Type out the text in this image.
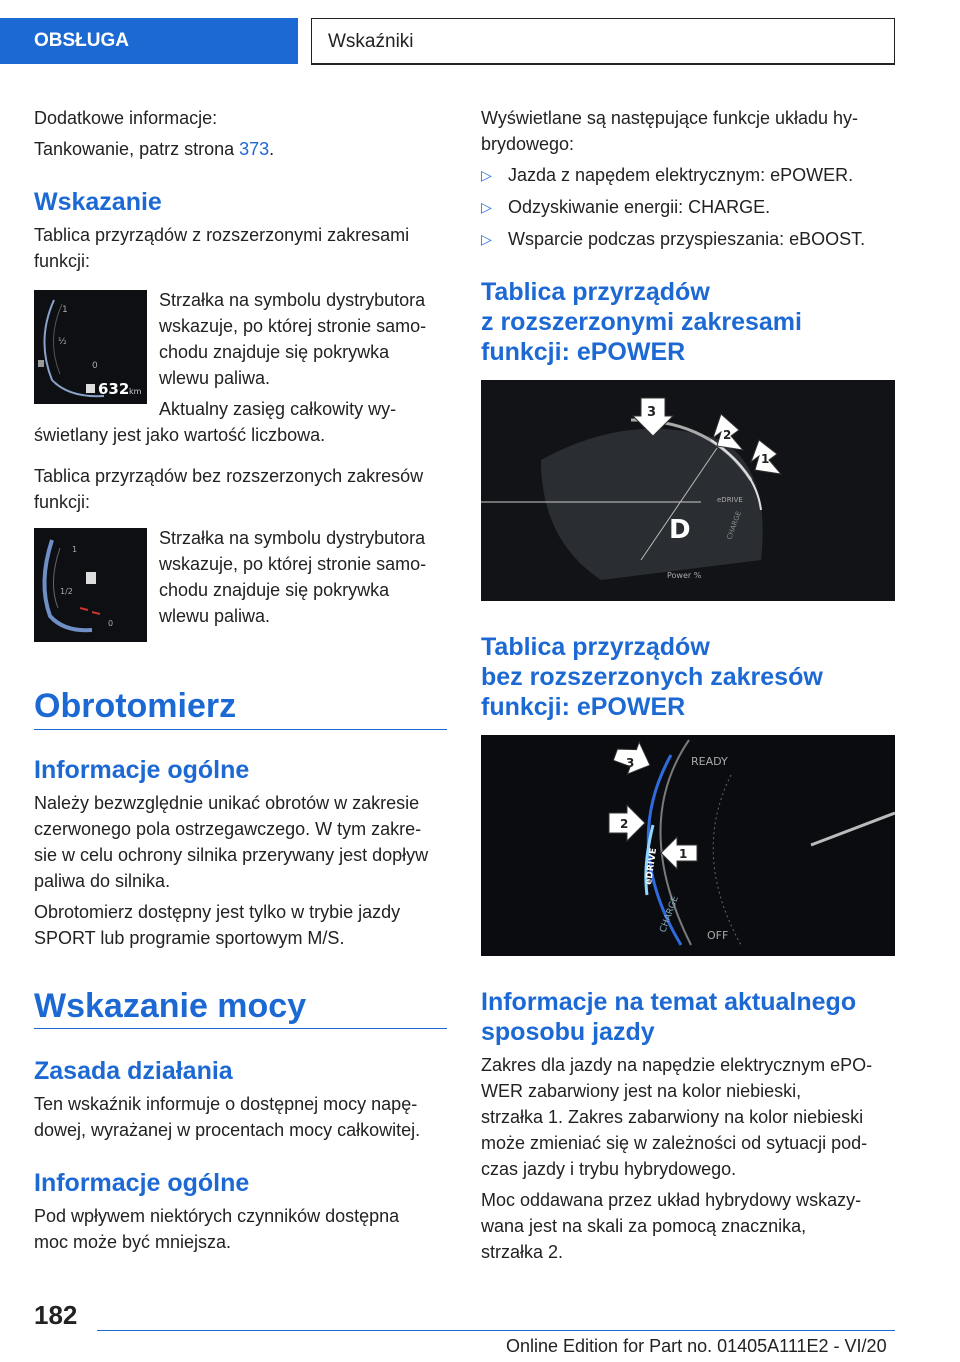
OBSŁUGA	Wskaźniki

Dodatkowe informacje:

Tankowanie, patrz strona 373.

Wskazanie

Tablica przyrządów z rozszerzonymi zakresami

funkcji:

1
½
0
632 km

Strzałka na symbolu dystrybutora

wskazuje, po której stronie samo-

chodu znajduje się pokrywka

wlewu paliwa.

Aktualny zasięg całkowity wy-

świetlany jest jako wartość liczbowa.

Tablica przyrządów bez rozszerzonych zakresów

funkcji:

1
1/2
0

Strzałka na symbolu dystrybutora

wskazuje, po której stronie samo-

chodu znajduje się pokrywka

wlewu paliwa.

Obrotomierz
Informacje ogólne

Należy bezwzględnie unikać obrotów w zakresie

czerwonego pola ostrzegawczego. W tym zakre-

sie w celu ochrony silnika przerywany jest dopływ

paliwa do silnika.

Obrotomierz dostępny jest tylko w trybie jazdy

SPORT lub programie sportowym M/S.

Wskazanie mocy
Zasada działania

Ten wskaźnik informuje o dostępnej mocy napę-

dowej, wyrażanej w procentach mocy całkowitej.

Informacje ogólne

Pod wpływem niektórych czynników dostępna

moc może być mniejsza.

Wyświetlane są następujące funkcje układu hy-

brydowego:

▷ Jazda z napędem elektrycznym: ePOWER.
▷ Odzyskiwanie energii: CHARGE.
▷ Wsparcie podczas przyspieszania: eBOOST.
Tablica przyrządów
z rozszerzonymi zakresami
funkcji: ePOWER
D
eDRIVE
CHARGE
Power %
3
2
1
Tablica przyrządów
bez rozszerzonych zakresów
funkcji: ePOWER
READY
OFF
eDRIVE
CHARGE
3
2
1
Informacje na temat aktualnego
sposobu jazdy

Zakres dla jazdy na napędzie elektrycznym ePO-

WER zabarwiony jest na kolor niebieski,

strzałka 1. Zakres zabarwiony na kolor niebieski

może zmieniać się w zależności od sytuacji pod-

czas jazdy i trybu hybrydowego.

Moc oddawana przez układ hybrydowy wskazy-

wana jest na skali za pomocą znacznika,

strzałka 2.

182
Online Edition for Part no. 01405A111E2 - VI/20
